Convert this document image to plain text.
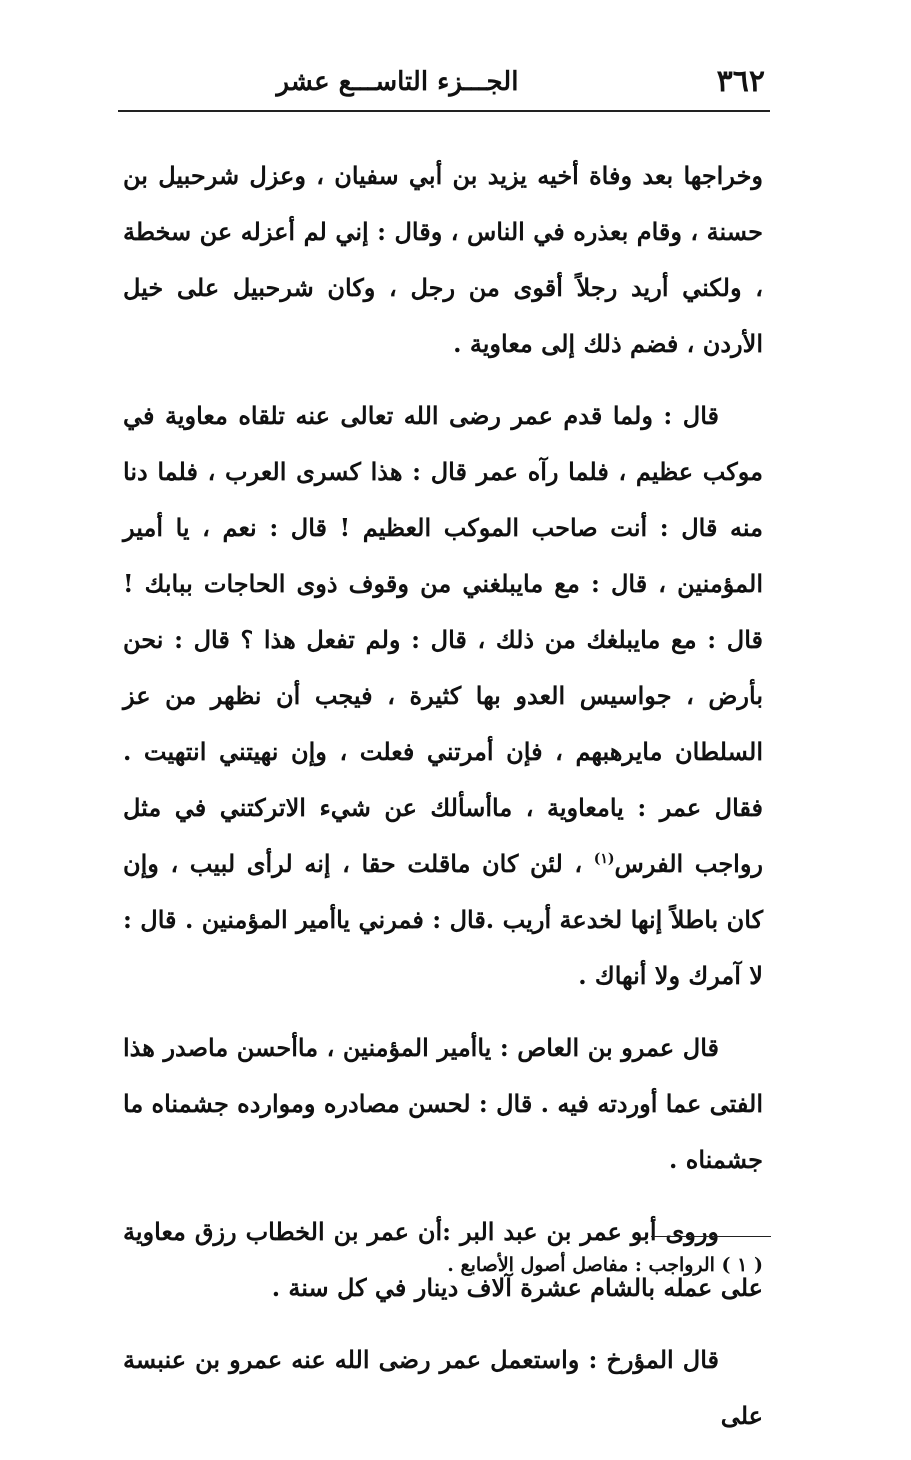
٣٦٢
الجـــزء التاســـع عشر

وخراجها بعد وفاة أخيه يزيد بن أبي سفيان ، وعزل شرحبيل بن حسنة ، وقام بعذره في الناس ، وقال : إني لم أعزله عن سخطة ، ولكني أريد رجلاً أقوى من رجل ، وكان شرحبيل على خيل الأردن ، فضم ذلك إلى معاوية .

قال : ولما قدم عمر رضى الله تعالى عنه تلقاه معاوية في موكب عظيم ، فلما رآه عمر قال : هذا كسرى العرب ، فلما دنا منه قال : أنت صاحب الموكب العظيم ! قال : نعم ، يا أمير المؤمنين ، قال : مع مايبلغني من وقوف ذوى الحاجات ببابك ! قال : مع مايبلغك من ذلك ، قال : ولم تفعل هذا ؟ قال : نحن بأرض ، جواسيس العدو بها كثيرة ، فيجب أن نظهر من عز السلطان مايرهبهم ، فإن أمرتني فعلت ، وإن نهيتني انتهيت . فقال عمر : يامعاوية ، ماأسألك عن شيء الاتركتني في مثل رواجب الفرس$^{(١)}$ ، لئن كان ماقلت حقا ، إنه لرأى لبيب ، وإن كان باطلاً إنها لخدعة أريب .قال : فمرني ياأمير المؤمنين . قال : لا آمرك ولا أنهاك .

قال عمرو بن العاص : ياأمير المؤمنين ، ماأحسن ماصدر هذا الفتى عما أوردته فيه . قال : لحسن مصادره وموارده جشمناه ما جشمناه .

وروى أبو عمر بن عبد البر :أن عمر بن الخطاب رزق معاوية على عمله بالشام عشرة آلاف دينار في كل سنة .

قال المؤرخ : واستعمل عمر رضى الله عنه عمرو بن عنبسة على

( ١ ) الرواجب : مفاصل أصول الأصابع .
